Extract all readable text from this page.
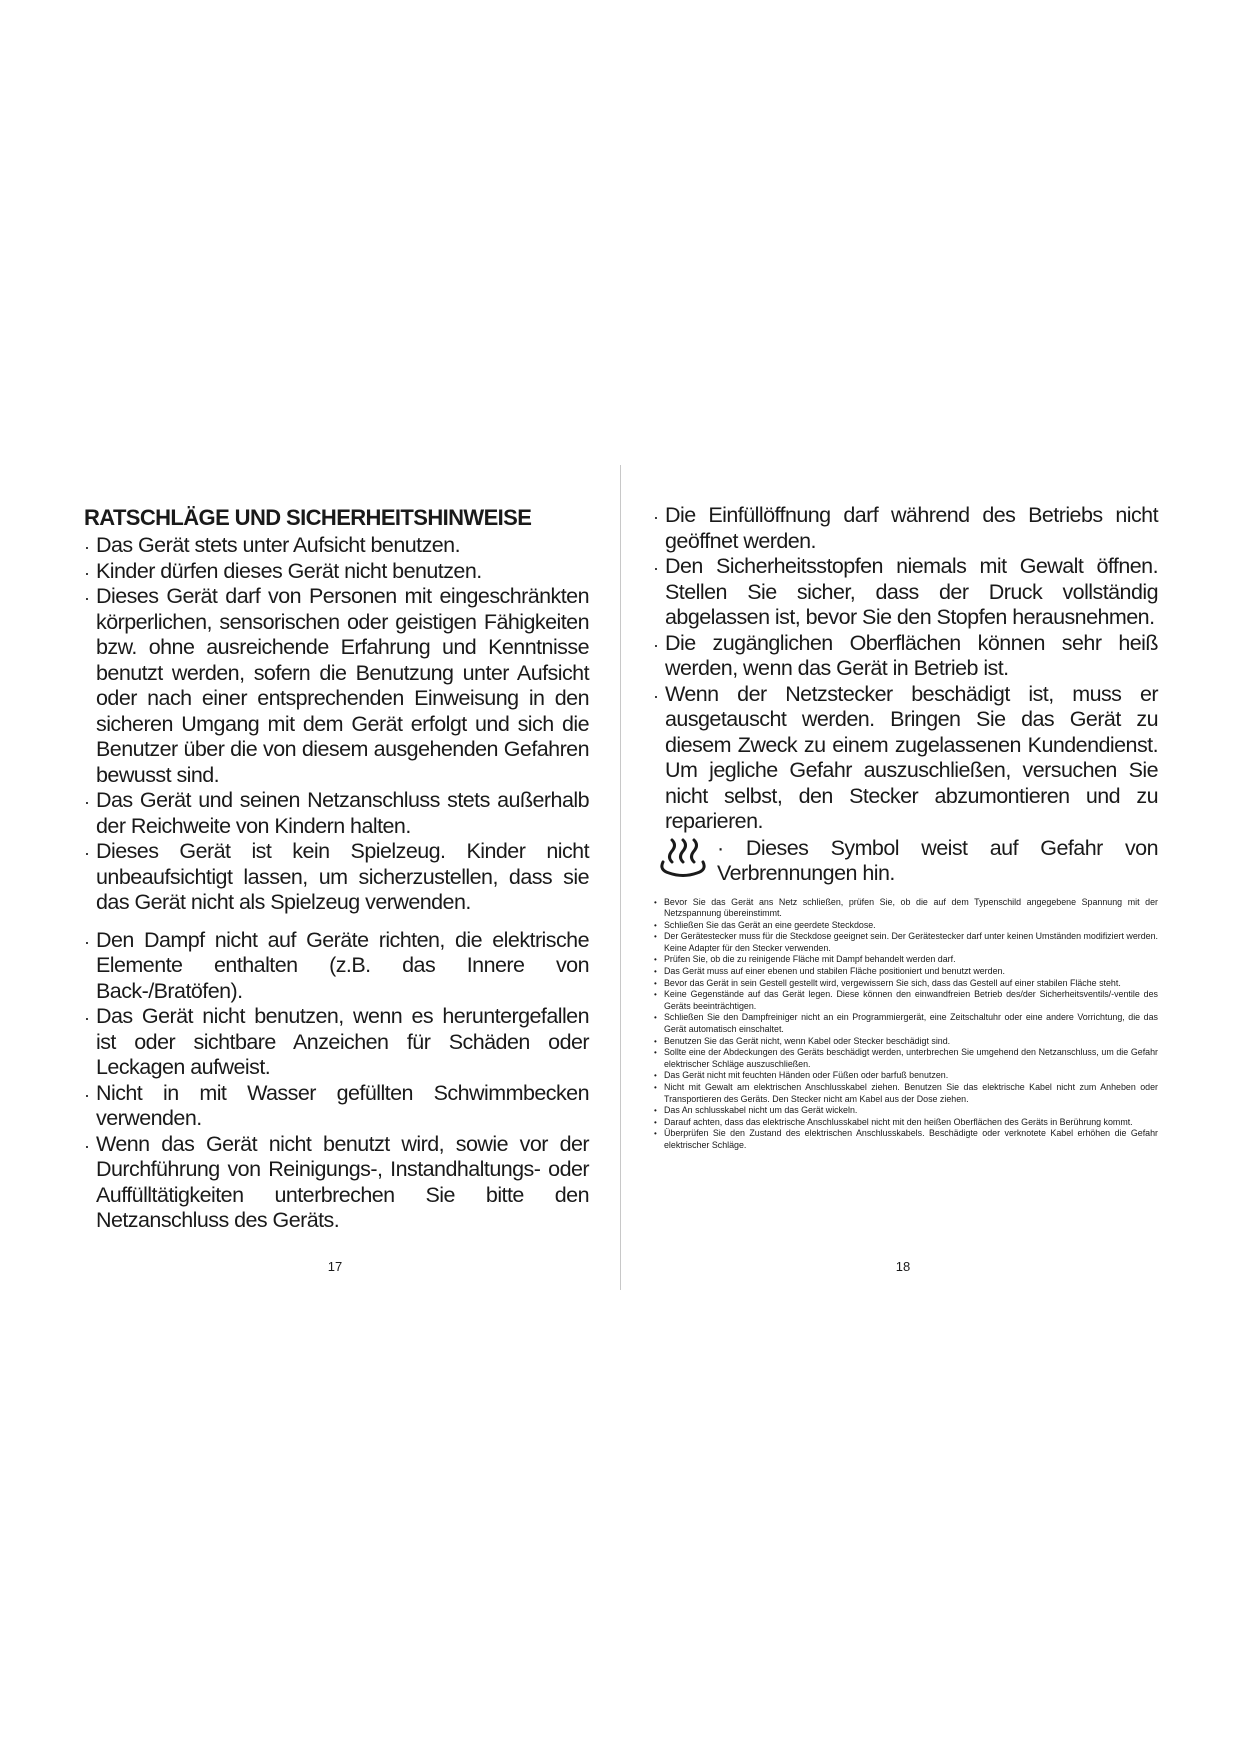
RATSCHLÄGE UND SICHERHEITSHINWEISE
· Das Gerät stets unter Aufsicht benutzen.
· Kinder dürfen dieses Gerät nicht benutzen.
· Dieses Gerät darf von Personen mit eingeschränkten körperlichen, sensorischen oder geistigen Fähigkeiten bzw. ohne ausreichende Erfahrung und Kenntnisse benutzt werden, sofern die Benutzung unter Aufsicht oder nach einer entsprechenden Einweisung in den sicheren Umgang mit dem Gerät erfolgt und sich die Benutzer über die von diesem ausgehenden Gefahren bewusst sind.
· Das Gerät und seinen Netzanschluss stets außerhalb der Reichweite von Kindern halten.
· Dieses Gerät ist kein Spielzeug. Kinder nicht unbeaufsichtigt lassen, um sicherzustellen, dass sie das Gerät nicht als Spielzeug verwenden.
· Den Dampf nicht auf Geräte richten, die elektrische Elemente enthalten (z.B. das Innere von Back-/Bratöfen).
· Das Gerät nicht benutzen, wenn es heruntergefallen ist oder sichtbare Anzeichen für Schäden oder Leckagen aufweist.
· Nicht in mit Wasser gefüllten Schwimmbecken verwenden.
· Wenn das Gerät nicht benutzt wird, sowie vor der Durchführung von Reinigungs-, Instandhaltungs- oder Auffülltätigkeiten unterbrechen Sie bitte den Netzanschluss des Geräts.
17
· Die Einfüllöffnung darf während des Betriebs nicht geöffnet werden.
· Den Sicherheitsstopfen niemals mit Gewalt öffnen. Stellen Sie sicher, dass der Druck vollständig abgelassen ist, bevor Sie den Stopfen herausnehmen.
· Die zugänglichen Oberflächen können sehr heiß werden, wenn das Gerät in Betrieb ist.
· Wenn der Netzstecker beschädigt ist, muss er ausgetauscht werden. Bringen Sie das Gerät zu diesem Zweck zu einem zugelassenen Kundendienst. Um jegliche Gefahr auszuschließen, versuchen Sie nicht selbst, den Stecker abzumontieren und zu reparieren.
· Dieses Symbol weist auf Gefahr von Verbrennungen hin.
• Bevor Sie das Gerät ans Netz schließen, prüfen Sie, ob die auf dem Typenschild angegebene Spannung mit der Netzspannung übereinstimmt.
• Schließen Sie das Gerät an eine geerdete Steckdose.
• Der Gerätestecker muss für die Steckdose geeignet sein. Der Gerätestecker darf unter keinen Umständen modifiziert werden. Keine Adapter für den Stecker verwenden.
• Prüfen Sie, ob die zu reinigende Fläche mit Dampf behandelt werden darf.
• Das Gerät muss auf einer ebenen und stabilen Fläche positioniert und benutzt werden.
• Bevor das Gerät in sein Gestell gestellt wird, vergewissern Sie sich, dass das Gestell auf einer stabilen Fläche steht.
• Keine Gegenstände auf das Gerät legen. Diese können den einwandfreien Betrieb des/der Sicherheitsventils/-ventile des Geräts beeinträchtigen.
• Schließen Sie den Dampfreiniger nicht an ein Programmiergerät, eine Zeitschaltuhr oder eine andere Vorrichtung, die das Gerät automatisch einschaltet.
• Benutzen Sie das Gerät nicht, wenn Kabel oder Stecker beschädigt sind.
• Sollte eine der Abdeckungen des Geräts beschädigt werden, unterbrechen Sie umgehend den Netzanschluss, um die Gefahr elektrischer Schläge auszuschließen.
• Das Gerät nicht mit feuchten Händen oder Füßen oder barfuß benutzen.
• Nicht mit Gewalt am elektrischen Anschlusskabel ziehen. Benutzen Sie das elektrische Kabel nicht zum Anheben oder Transportieren des Geräts. Den Stecker nicht am Kabel aus der Dose ziehen.
• Das An schlusskabel nicht um das Gerät wickeln.
• Darauf achten, dass das elektrische Anschlusskabel nicht mit den heißen Oberflächen des Geräts in Berührung kommt.
• Überprüfen Sie den Zustand des elektrischen Anschlusskabels. Beschädigte oder verknotete Kabel erhöhen die Gefahr elektrischer Schläge.
18
